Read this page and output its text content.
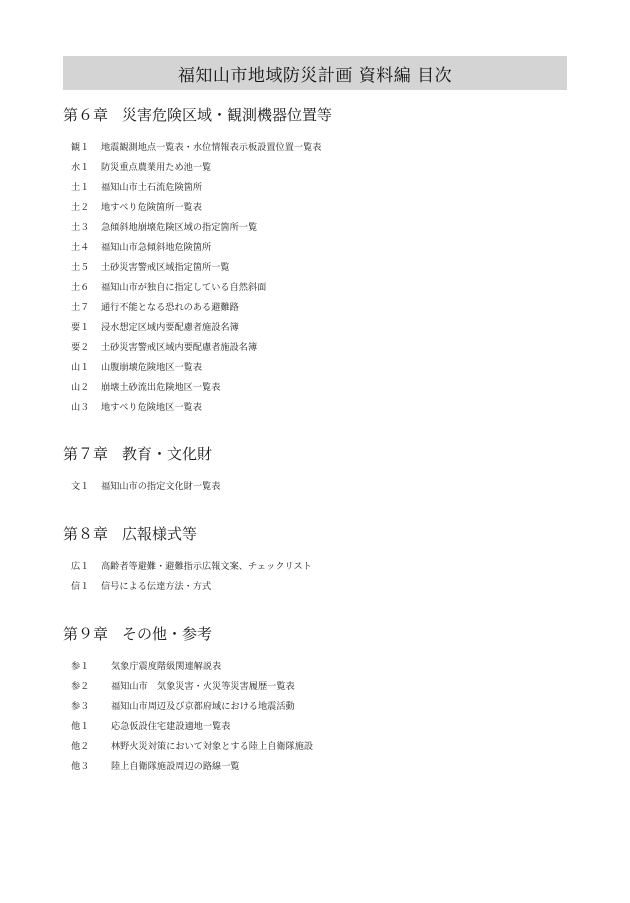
福知山市地域防災計画 資料編 目次
第６章 災害危険区域・観測機器位置等
観１	地震観測地点一覧表・水位情報表示板設置位置一覧表
水１	防災重点農業用ため池一覧
土１	福知山市土石流危険箇所
土２	地すべり危険箇所一覧表
土３	急傾斜地崩壊危険区域の指定箇所一覧
土４	福知山市急傾斜地危険箇所
土５	土砂災害警戒区域指定箇所一覧
土６	福知山市が独自に指定している自然斜面
土７	通行不能となる恐れのある避難路
要１	浸水想定区域内要配慮者施設名簿
要２	土砂災害警戒区域内要配慮者施設名簿
山１	山腹崩壊危険地区一覧表
山２	崩壊土砂流出危険地区一覧表
山３	地すべり危険地区一覧表
第７章 教育・文化財
文１	福知山市の指定文化財一覧表
第８章 広報様式等
広１	高齢者等避難・避難指示広報文案、チェックリスト
信１	信号による伝達方法・方式
第９章 その他・参考
参１	気象庁震度階級関連解説表
参２	福知山市　気象災害・火災等災害履歴一覧表
参３	福知山市周辺及び京都府域における地震活動
他１	応急仮設住宅建設適地一覧表
他２	林野火災対策において対象とする陸上自衛隊施設
他３	陸上自衛隊施設周辺の路線一覧
